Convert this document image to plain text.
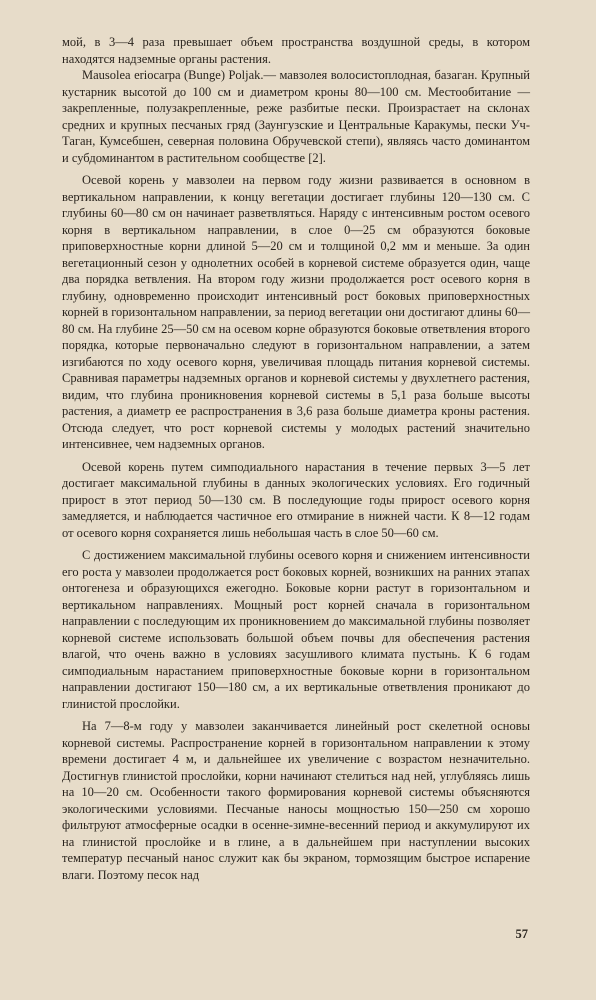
мой, в 3—4 раза превышает объем пространства воздушной среды, в котором находятся надземные органы растения.

Mausolea eriocarpa (Bunge) Poljak.— мавзолея волосистоплодная, базаган. Крупный кустарник высотой до 100 см и диаметром кроны 80—100 см. Местообитание — закрепленные, полузакрепленные, реже разбитые пески. Произрастает на склонах средних и крупных песчаных гряд (Заунгузские и Центральные Каракумы, пески Уч-Таган, Кумсебшен, северная половина Обручевской степи), являясь часто доминантом и субдоминантом в растительном сообществе [2].

Осевой корень у мавзолеи на первом году жизни развивается в основном в вертикальном направлении, к концу вегетации достигает глубины 120—130 см. С глубины 60—80 см он начинает разветвляться. Наряду с интенсивным ростом осевого корня в вертикальном направлении, в слое 0—25 см образуются боковые приповерхностные корни длиной 5—20 см и толщиной 0,2 мм и меньше. За один вегетационный сезон у однолетних особей в корневой системе образуется один, чаще два порядка ветвления. На втором году жизни продолжается рост осевого корня в глубину, одновременно происходит интенсивный рост боковых приповерхностных корней в горизонтальном направлении, за период вегетации они достигают длины 60—80 см. На глубине 25—50 см на осевом корне образуются боковые ответвления второго порядка, которые первоначально следуют в горизонтальном направлении, а затем изгибаются по ходу осевого корня, увеличивая площадь питания корневой системы. Сравнивая параметры надземных органов и корневой системы у двухлетнего растения, видим, что глубина проникновения корневой системы в 5,1 раза больше высоты растения, а диаметр ее распространения в 3,6 раза больше диаметра кроны растения. Отсюда следует, что рост корневой системы у молодых растений значительно интенсивнее, чем надземных органов.

Осевой корень путем симподиального нарастания в течение первых 3—5 лет достигает максимальной глубины в данных экологических условиях. Его годичный прирост в этот период 50—130 см. В последующие годы прирост осевого корня замедляется, и наблюдается частичное его отмирание в нижней части. К 8—12 годам от осевого корня сохраняется лишь небольшая часть в слое 50—60 см.

С достижением максимальной глубины осевого корня и снижением интенсивности его роста у мавзолеи продолжается рост боковых корней, возникших на ранних этапах онтогенеза и образующихся ежегодно. Боковые корни растут в горизонтальном и вертикальном направлениях. Мощный рост корней сначала в горизонтальном направлении с последующим их проникновением до максимальной глубины позволяет корневой системе использовать большой объем почвы для обеспечения растения влагой, что очень важно в условиях засушливого климата пустынь. К 6 годам симподиальным нарастанием приповерхностные боковые корни в горизонтальном направлении достигают 150—180 см, а их вертикальные ответвления проникают до глинистой прослойки.

На 7—8-м году у мавзолеи заканчивается линейный рост скелетной основы корневой системы. Распространение корней в горизонтальном направлении к этому времени достигает 4 м, и дальнейшее их увеличение с возрастом незначительно. Достигнув глинистой прослойки, корни начинают стелиться над ней, углубляясь лишь на 10—20 см. Особенности такого формирования корневой системы объясняются экологическими условиями. Песчаные наносы мощностью 150—250 см хорошо фильтруют атмосферные осадки в осенне-зимне-весенний период и аккумулируют их на глинистой прослойке и в глине, а в дальнейшем при наступлении высоких температур песчаный нанос служит как бы экраном, тормозящим быстрое испарение влаги. Поэтому песок над

57
